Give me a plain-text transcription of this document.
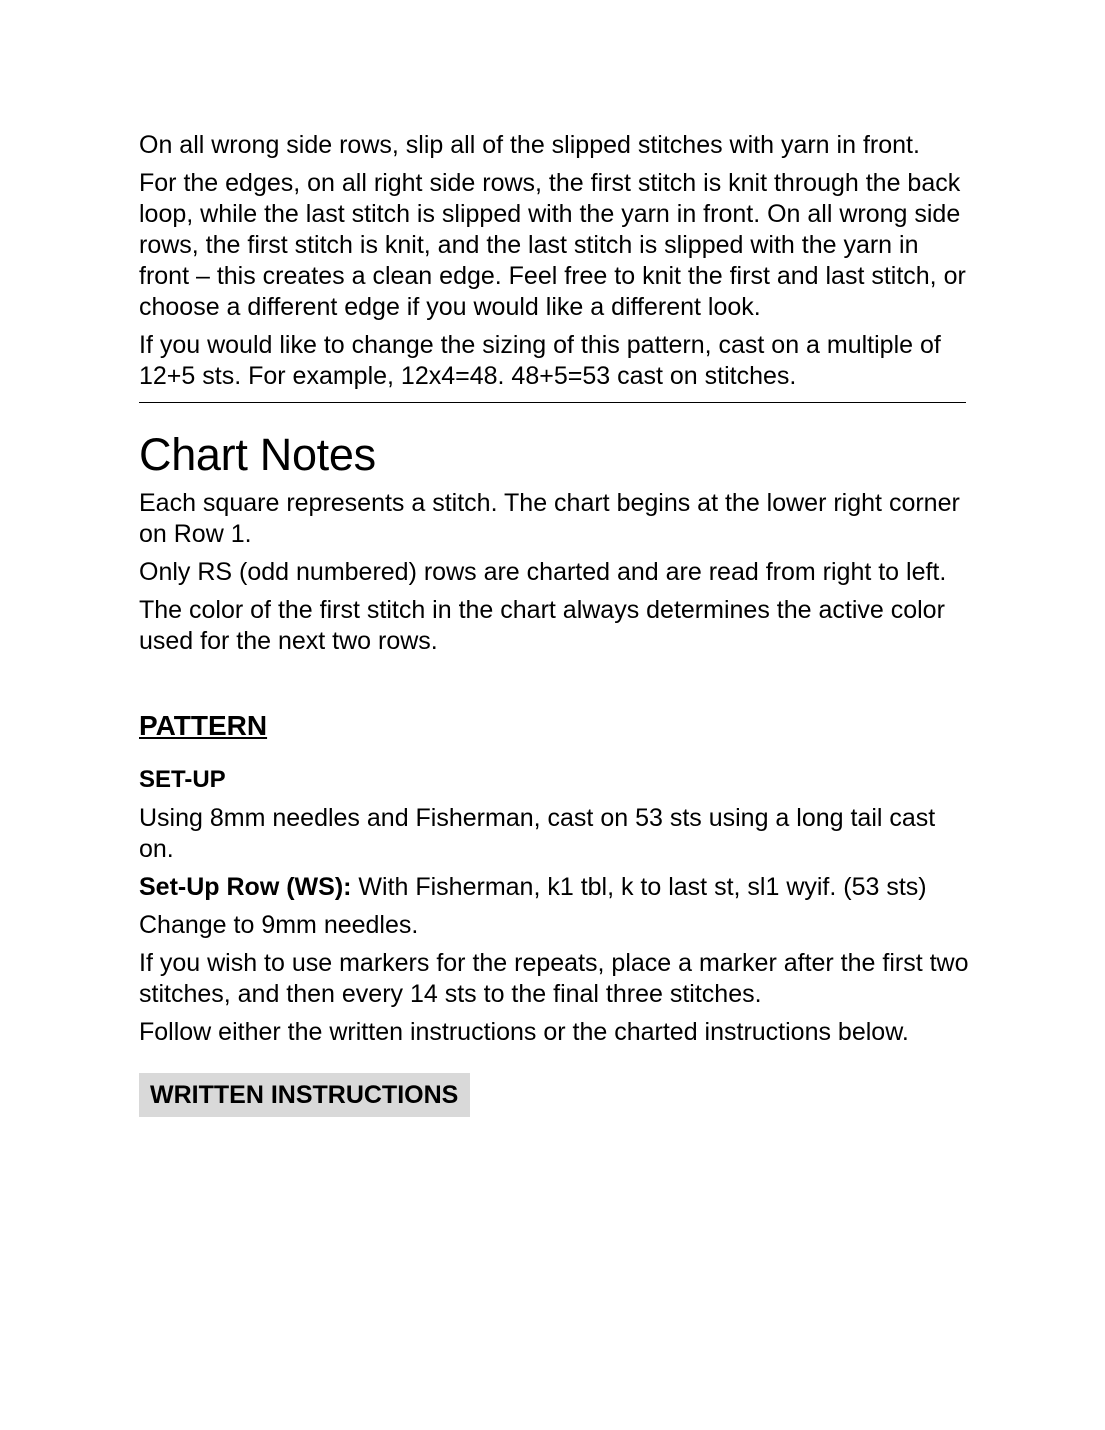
On all wrong side rows, slip all of the slipped stitches with yarn in front.

For the edges, on all right side rows, the first stitch is knit through the back loop, while the last stitch is slipped with the yarn in front. On all wrong side rows, the first stitch is knit, and the last stitch is slipped with the yarn in front – this creates a clean edge. Feel free to knit the first and last stitch, or choose a different edge if you would like a different look.

If you would like to change the sizing of this pattern, cast on a multiple of 12+5 sts. For example, 12x4=48. 48+5=53 cast on stitches.

Chart Notes

Each square represents a stitch. The chart begins at the lower right corner on Row 1.

Only RS (odd numbered) rows are charted and are read from right to left.

The color of the first stitch in the chart always determines the active color used for the next two rows.

PATTERN
SET-UP

Using 8mm needles and Fisherman, cast on 53 sts using a long tail cast on.

Set-Up Row (WS): With Fisherman, k1 tbl, k to last st, sl1 wyif. (53 sts)

Change to 9mm needles.

If you wish to use markers for the repeats, place a marker after the first two stitches, and then every 14 sts to the final three stitches.

Follow either the written instructions or the charted instructions below.

WRITTEN INSTRUCTIONS
